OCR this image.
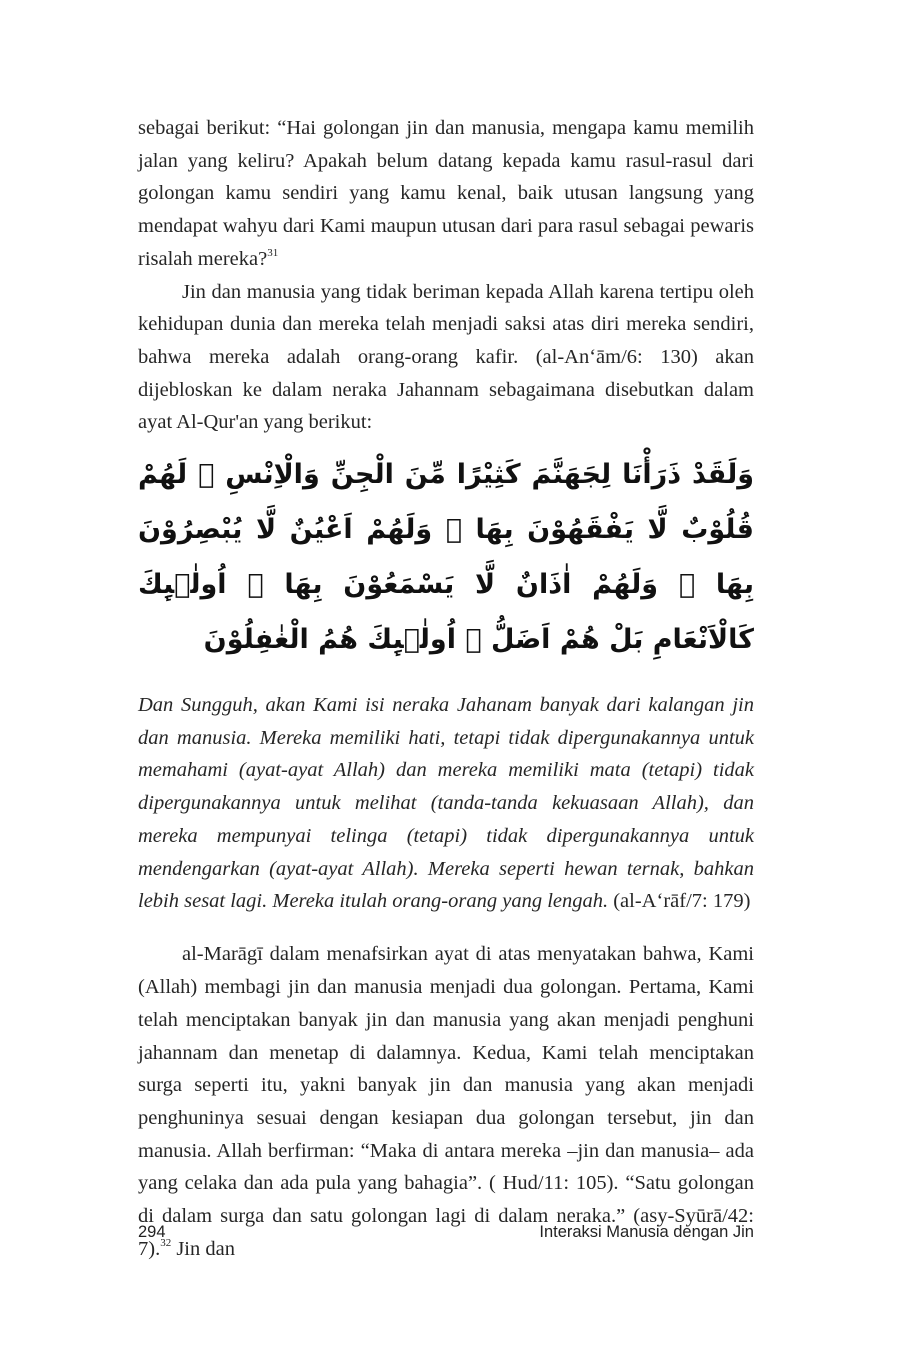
sebagai berikut: “Hai golongan jin dan manusia, mengapa kamu memilih jalan yang keliru? Apakah belum datang kepada kamu rasul-rasul dari golongan kamu sendiri yang kamu kenal, baik utusan langsung yang mendapat wahyu dari Kami maupun utusan dari para rasul sebagai pewaris risalah mereka?$^{31}$

Jin dan manusia yang tidak beriman kepada Allah karena tertipu oleh kehidupan dunia dan mereka telah menjadi saksi atas diri mereka sendiri, bahwa mereka adalah orang-orang kafir. (al-An‘ām/6: 130) akan dijebloskan ke dalam neraka Jahannam sebagaimana disebutkan dalam ayat Al-Qur'an yang berikut:

وَلَقَدْ ذَرَأْنَا لِجَهَنَّمَ كَثِيْرًا مِّنَ الْجِنِّ وَالْاِنْسِ ۖ لَهُمْ قُلُوْبٌ لَّا يَفْقَهُوْنَ بِهَا ۖ وَلَهُمْ اَعْيُنٌ لَّا يُبْصِرُوْنَ بِهَا ۖ وَلَهُمْ اٰذَانٌ لَّا يَسْمَعُوْنَ بِهَا ۗ اُولٰۤىِٕكَ كَالْاَنْعَامِ بَلْ هُمْ اَضَلُّ ۗ اُولٰۤىِٕكَ هُمُ الْغٰفِلُوْنَ

Dan Sungguh, akan Kami isi neraka Jahanam banyak dari kalangan jin dan manusia. Mereka memiliki hati, tetapi tidak dipergunakannya untuk memahami (ayat-ayat Allah) dan mereka memiliki mata (tetapi) tidak dipergunakannya untuk melihat (tanda-tanda kekuasaan Allah), dan mereka mempunyai telinga (tetapi) tidak dipergunakannya untuk mendengarkan (ayat-ayat Allah). Mereka seperti hewan ternak, bahkan lebih sesat lagi. Mereka itulah orang-orang yang lengah. (al-A‘rāf/7: 179)

al-Marāgī dalam menafsirkan ayat di atas menyatakan bahwa, Kami (Allah) membagi jin dan manusia menjadi dua golongan. Pertama, Kami telah menciptakan banyak jin dan manusia yang akan menjadi penghuni jahannam dan menetap di dalamnya. Kedua, Kami telah menciptakan surga seperti itu, yakni banyak jin dan manusia yang akan menjadi penghuninya sesuai dengan kesiapan dua golongan tersebut, jin dan manusia. Allah berfirman: “Maka di antara mereka –jin dan manusia– ada yang celaka dan ada pula yang bahagia”. ( Hud/11: 105). “Satu golongan di dalam surga dan satu golongan lagi di dalam neraka.” (asy-Syūrā/42: 7).$^{32}$ Jin dan

294	Interaksi Manusia dengan Jin
